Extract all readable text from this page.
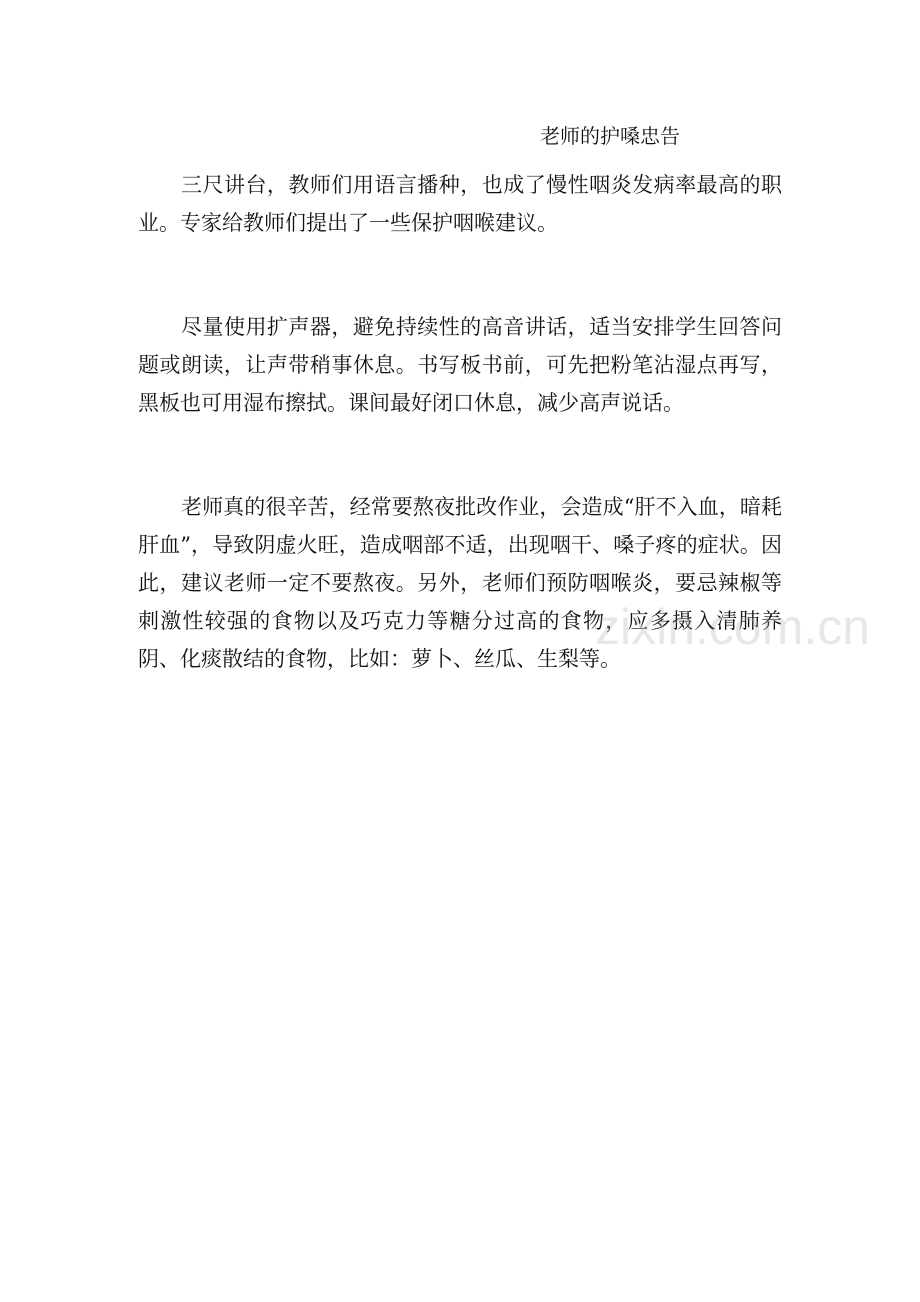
老师的护嗓忠告

三尺讲台，教师们用语言播种，也成了慢性咽炎发病率最高的职业。专家给教师们提出了一些保护咽喉建议。

尽量使用扩声器，避免持续性的高音讲话，适当安排学生回答问题或朗读，让声带稍事休息。书写板书前，可先把粉笔沾湿点再写，黑板也可用湿布擦拭。课间最好闭口休息，减少高声说话。

老师真的很辛苦，经常要熬夜批改作业，会造成“肝不入血，暗耗肝血”，导致阴虚火旺，造成咽部不适，出现咽干、嗓子疼的症状。因此，建议老师一定不要熬夜。另外，老师们预防咽喉炎，要忌辣椒等刺激性较强的食物以及巧克力等糖分过高的食物，应多摄入清肺养阴、化痰散结的食物，比如：萝卜、丝瓜、生梨等。

zixin.com.cn
